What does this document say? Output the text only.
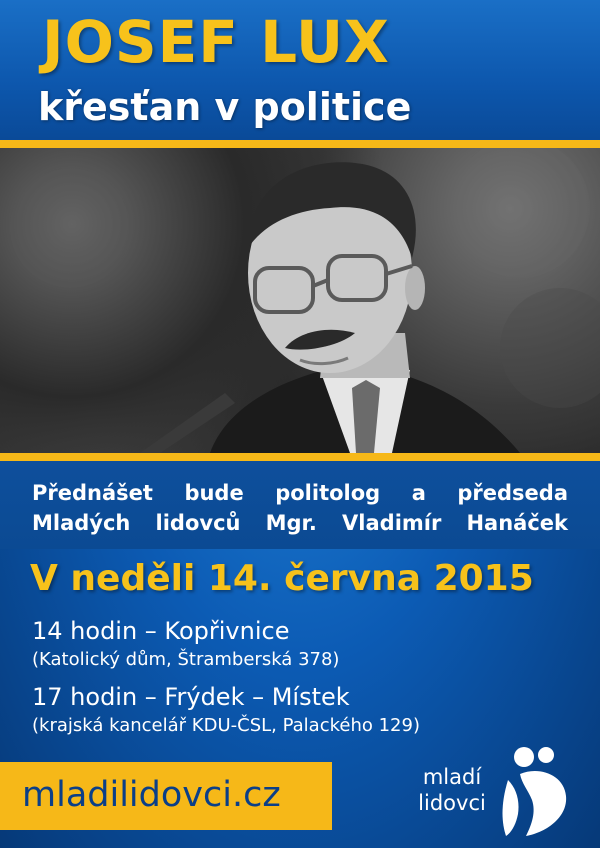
JOSEF LUX
křesťan v politice

Přednášet bude politolog a předseda

Mladých lidovců Mgr. Vladimír Hanáček

V neděli 14. června 2015
14 hodin – Kopřivnice
(Katolický dům, Štramberská 378)
17 hodin – Frýdek – Místek
(krajská kancelář KDU-ČSL, Palackého 129)
mladilidovci.cz	mladí
lidovci
